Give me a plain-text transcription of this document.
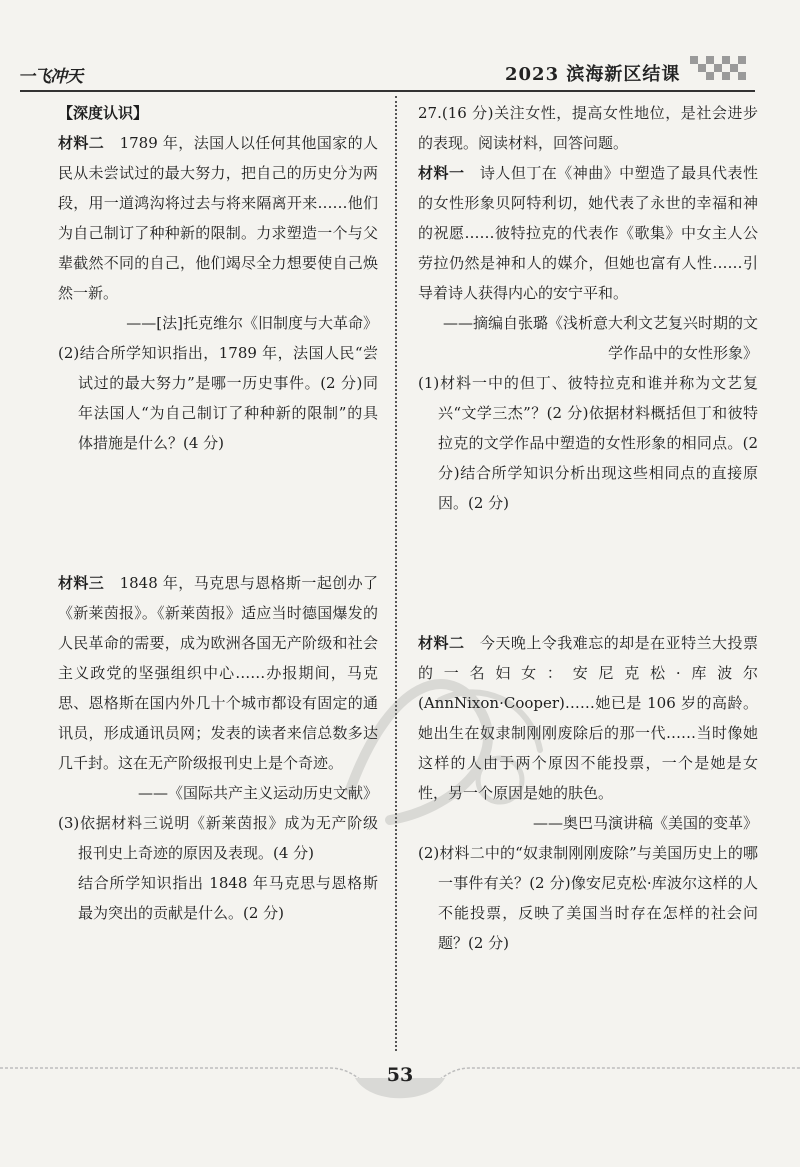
一飞冲天	2023 滨海新区结课

【深度认识】

材料二　1789 年，法国人以任何其他国家的人民从未尝试过的最大努力，把自己的历史分为两段，用一道鸿沟将过去与将来隔离开来……他们为自己制订了种种新的限制。力求塑造一个与父辈截然不同的自己，他们竭尽全力想要使自己焕然一新。

——[法]托克维尔《旧制度与大革命》

(2)结合所学知识指出，1789 年，法国人民“尝试过的最大努力”是哪一历史事件。(2 分)同年法国人“为自己制订了种种新的限制”的具体措施是什么？(4 分)

材料三　1848 年，马克思与恩格斯一起创办了《新莱茵报》。《新莱茵报》适应当时德国爆发的人民革命的需要，成为欧洲各国无产阶级和社会主义政党的坚强组织中心……办报期间，马克思、恩格斯在国内外几十个城市都设有固定的通讯员，形成通讯员网；发表的读者来信总数多达几千封。这在无产阶级报刊史上是个奇迹。

——《国际共产主义运动历史文献》

(3)依据材料三说明《新莱茵报》成为无产阶级报刊史上奇迹的原因及表现。(4 分)

结合所学知识指出 1848 年马克思与恩格斯最为突出的贡献是什么。(2 分)

27.(16 分)关注女性，提高女性地位，是社会进步的表现。阅读材料，回答问题。

材料一　诗人但丁在《神曲》中塑造了最具代表性的女性形象贝阿特利切，她代表了永世的幸福和神的祝愿……彼特拉克的代表作《歌集》中女主人公劳拉仍然是神和人的媒介，但她也富有人性……引导着诗人获得内心的安宁平和。

——摘编自张璐《浅析意大利文艺复兴时期的文学作品中的女性形象》

(1)材料一中的但丁、彼特拉克和谁并称为文艺复兴“文学三杰”？(2 分)依据材料概括但丁和彼特拉克的文学作品中塑造的女性形象的相同点。(2 分)结合所学知识分析出现这些相同点的直接原因。(2 分)

材料二　今天晚上令我难忘的却是在亚特兰大投票的一名妇女：安尼克松·库波尔(AnnNixon·Cooper)……她已是 106 岁的高龄。她出生在奴隶制刚刚废除后的那一代……当时像她这样的人由于两个原因不能投票，一个是她是女性，另一个原因是她的肤色。

——奥巴马演讲稿《美国的变革》

(2)材料二中的“奴隶制刚刚废除”与美国历史上的哪一事件有关？(2 分)像安尼克松·库波尔这样的人不能投票，反映了美国当时存在怎样的社会问题？(2 分)

53
